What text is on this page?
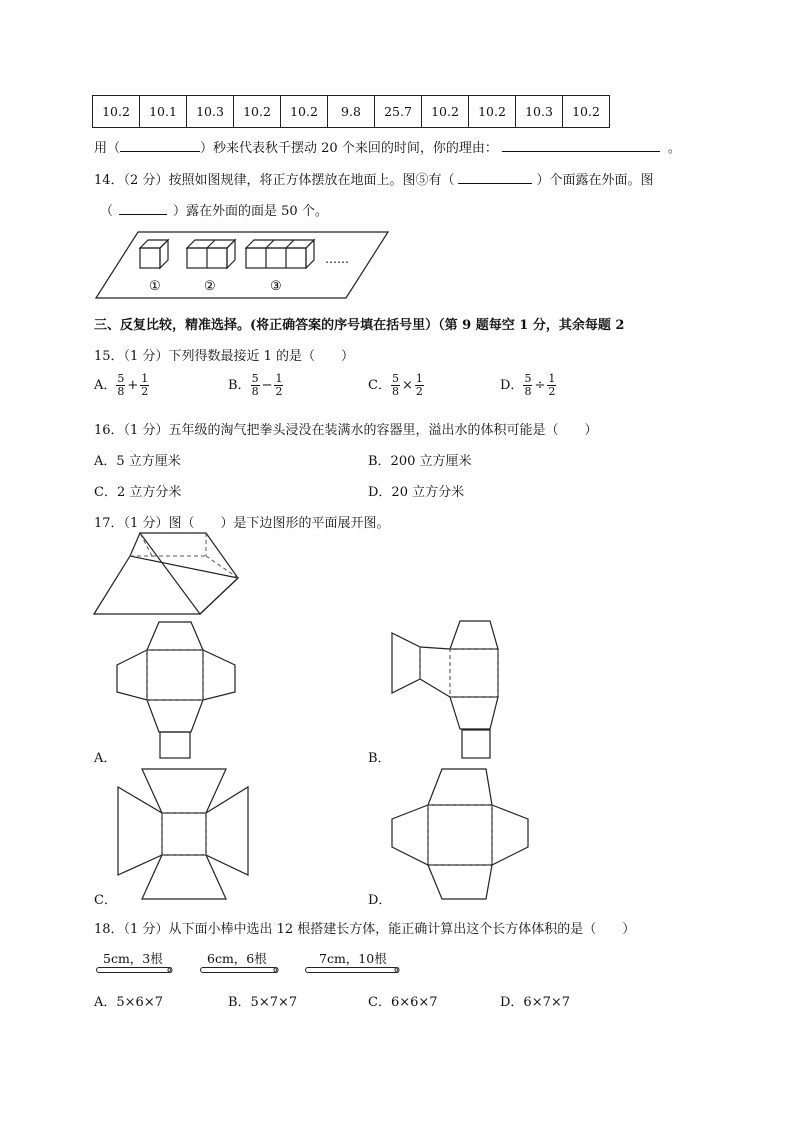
10.2	10.1	10.3	10.2	10.2	9.8	25.7	10.2	10.2	10.3	10.2
用（	）秒来代表秋千摆动 20 个来回的时间，你的理由：	。
14．（2 分）按照如图规律，将正方体摆放在地面上。图⑤有（	）个面露在外面。图
（	）露在外面的面是 50 个。
……
①	②	③
三、反复比较，精准选择。(将正确答案的序号填在括号里）（第 9 题每空 1 分，其余每题 2
15．（1 分）下列得数最接近 1 的是（　　）
A． $\frac{5}{8} + \frac{1}{2}$	B． $\frac{5}{8} - \frac{1}{2}$	C． $\frac{5}{8} \times \frac{1}{2}$	D． $\frac{5}{8} \div \frac{1}{2}$
16．（1 分）五年级的淘气把拳头浸没在装满水的容器里，溢出水的体积可能是（　　）
A．5 立方厘米	B．200 立方厘米
C．2 立方分米	D．20 立方分米
17．（1 分）图（　　）是下边图形的平面展开图。
A．	B．
C．	D．
18．（1 分）从下面小棒中选出 12 根搭建长方体，能正确计算出这个长方体体积的是（　　）
5cm，3根	6cm，6根	7cm，10根
A．5×6×7	B．5×7×7	C．6×6×7	D．6×7×7
